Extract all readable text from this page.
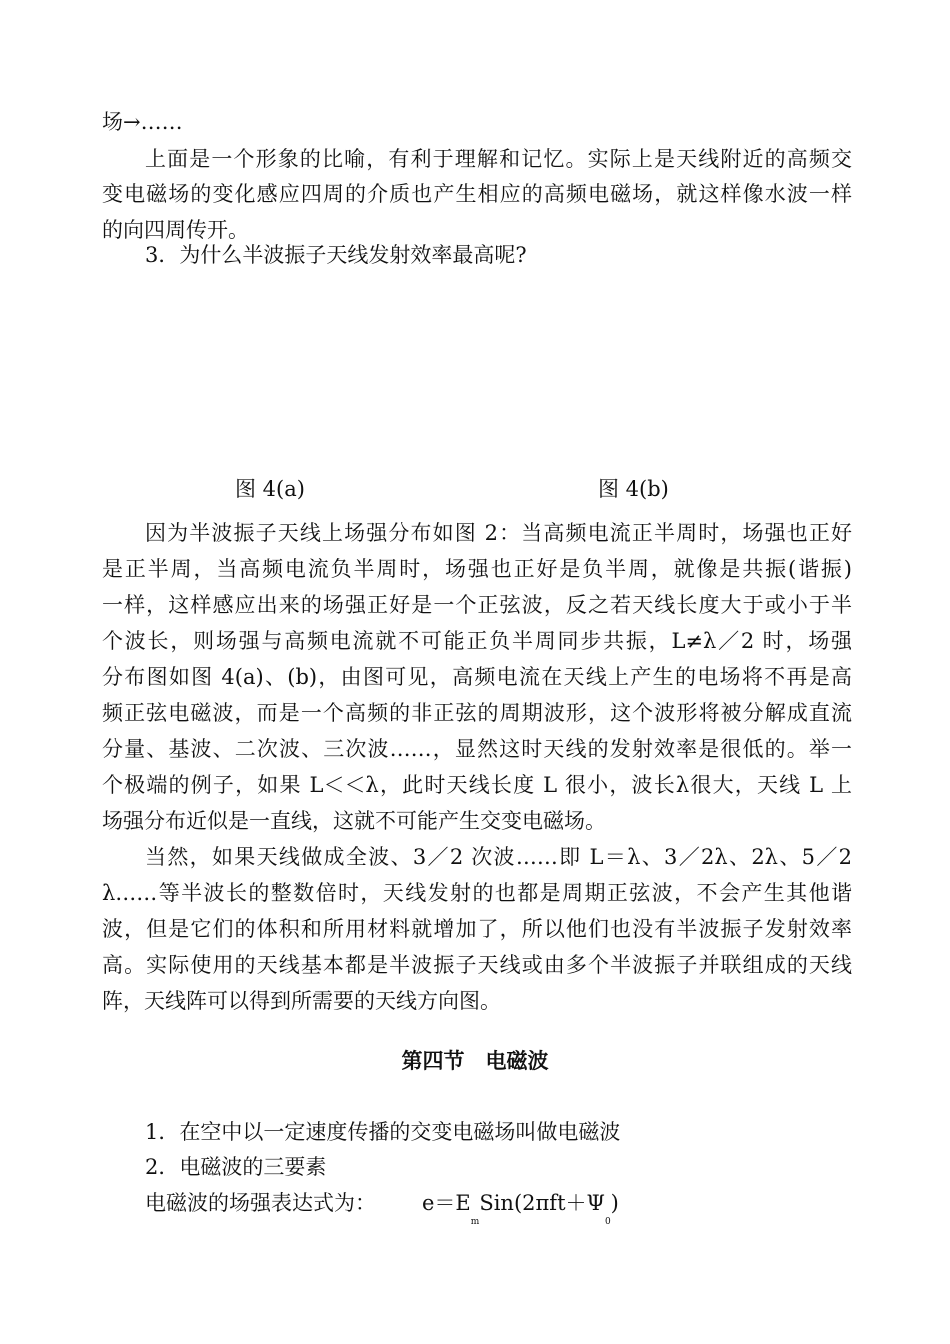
场→……
上面是一个形象的比喻，有利于理解和记忆。实际上是天线附近的高频交
变电磁场的变化感应四周的介质也产生相应的高频电磁场，就这样像水波一样
的向四周传开。
3．为什么半波振子天线发射效率最高呢?
图 4(a)	图 4(b)
因为半波振子天线上场强分布如图 2：当高频电流正半周时，场强也正好
是正半周，当高频电流负半周时，场强也正好是负半周，就像是共振(谐振)
一样，这样感应出来的场强正好是一个正弦波，反之若天线长度大于或小于半
个波长，则场强与高频电流就不可能正负半周同步共振，L≠λ／2 时，场强
分布图如图 4(a)、(b)，由图可见，高频电流在天线上产生的电场将不再是高
频正弦电磁波，而是一个高频的非正弦的周期波形，这个波形将被分解成直流
分量、基波、二次波、三次波……，显然这时天线的发射效率是很低的。举一
个极端的例子，如果 L＜＜λ，此时天线长度 L 很小，波长λ很大，天线 L 上
场强分布近似是一直线，这就不可能产生交变电磁场。
当然，如果天线做成全波、3／2 次波……即 L＝λ、3／2λ、2λ、5／2
λ……等半波长的整数倍时，天线发射的也都是周期正弦波，不会产生其他谐
波，但是它们的体积和所用材料就增加了，所以他们也没有半波振子发射效率
高。实际使用的天线基本都是半波振子天线或由多个半波振子并联组成的天线
阵，天线阵可以得到所需要的天线方向图。
第四节　电磁波
1．在空中以一定速度传播的交变电磁场叫做电磁波
2．电磁波的三要素
电磁波的场强表达式为： $e=E_mSin(2\pi ft+\Psi_0)$
